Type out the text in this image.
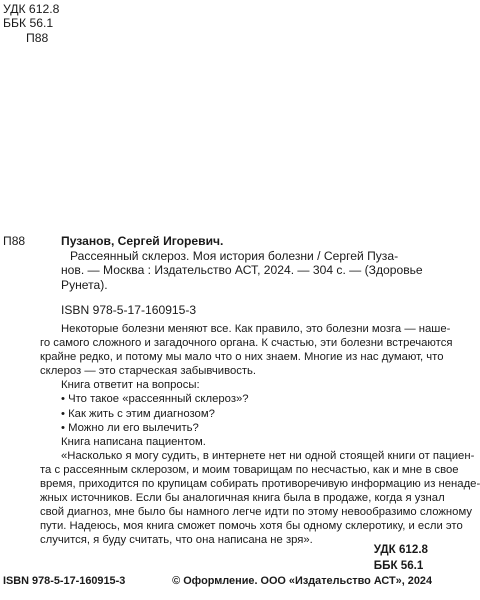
УДК 612.8
ББК 56.1
П88
П88	Пузанов, Сергей Игоревич.
Рассеянный склероз. Моя история болезни / Сергей Пуза-
нов. — Москва : Издательство АСТ, 2024. — 304 с. — (Здоровье
Рунета).
ISBN 978-5-17-160915-3
Некоторые болезни меняют все. Как правило, это болезни мозга — наше-
го самого сложного и загадочного органа. К счастью, эти болезни встречаются
крайне редко, и потому мы мало что о них знаем. Многие из нас думают, что
склероз — это старческая забывчивость.
Книга ответит на вопросы:
• Что такое «рассеянный склероз»?
• Как жить с этим диагнозом?
• Можно ли его вылечить?
Книга написана пациентом.
«Насколько я могу судить, в интернете нет ни одной стоящей книги от пациен-
та с рассеянным склерозом, и моим товарищам по несчастью, как и мне в свое
время, приходится по крупицам собирать противоречивую информацию из ненаде-
жных источников. Если бы аналогичная книга была в продаже, когда я узнал
свой диагноз, мне было бы намного легче идти по этому невообразимо сложному
пути. Надеюсь, моя книга сможет помочь хотя бы одному склеротику, и если это
случится, я буду считать, что она написана не зря».
УДК 612.8
ББК 56.1
ISBN 978-5-17-160915-3	© Оформление. ООО «Издательство АСТ», 2024
